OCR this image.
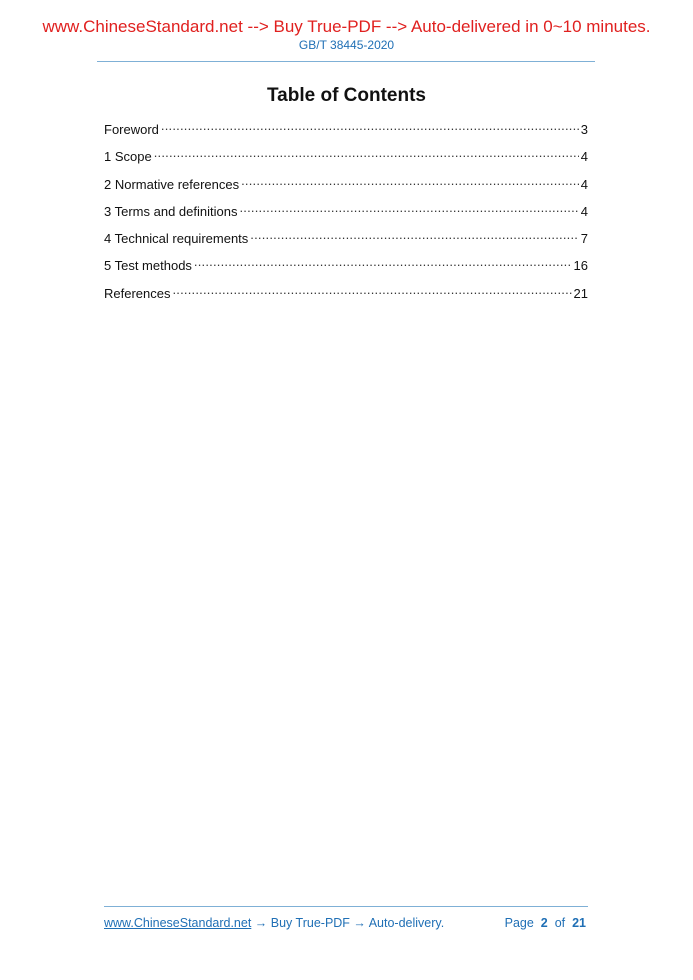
www.ChineseStandard.net --> Buy True-PDF --> Auto-delivered in 0~10 minutes.
GB/T 38445-2020
Table of Contents
Foreword .....	3
1 Scope .....	4
2 Normative references .....	4
3 Terms and definitions .....	4
4 Technical requirements .....	7
5 Test methods .....	16
References .....	21
www.ChineseStandard.net → Buy True-PDF → Auto-delivery.	Page 2 of 21
